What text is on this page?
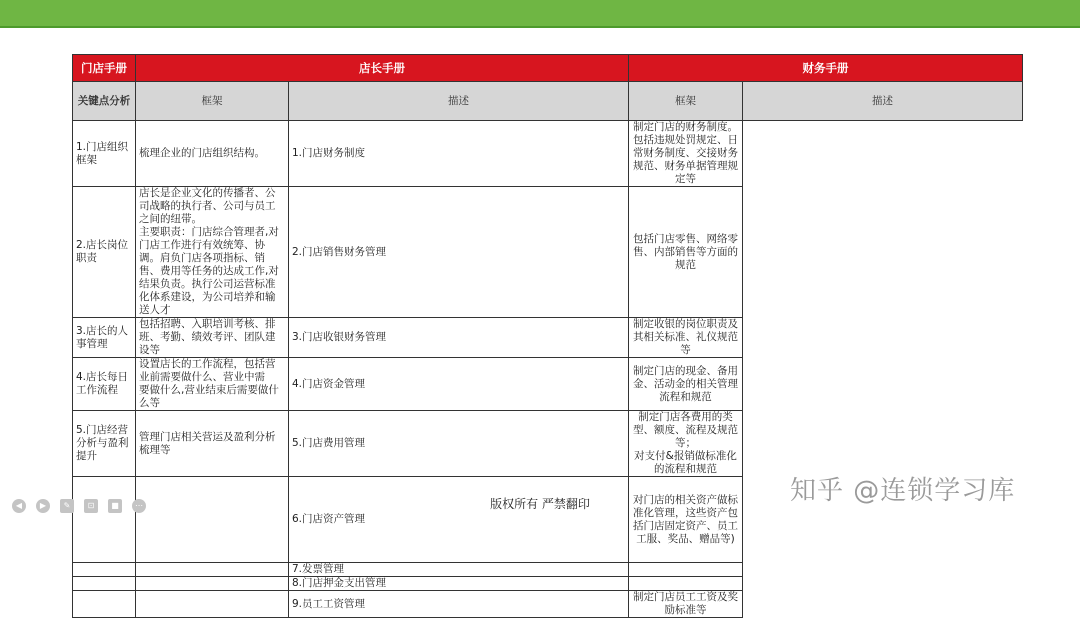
门店手册	店长手册		财务手册	
关键点分析	框架	描述	框架	描述
1.门店组织框架	梳理企业的门店组织结构。	1.门店财务制度	制定门店的财务制度。
包括违规处罚规定、日常财务制度、交接财务规范、财务单据管理规定等	
2.店长岗位职责	店长是企业文化的传播者、公司战略的执行者、公司与员工之间的纽带。
主要职责：门店综合管理者,对门店工作进行有效统筹、协调。肩负门店各项指标、销售、费用等任务的达成工作,对结果负责。执行公司运营标准化体系建设，为公司培养和输送人才	2.门店销售财务管理	包括门店零售、网络零售、内部销售等方面的规范	
3.店长的人事管理	包括招聘、入职培训考核、排班、考勤、绩效考评、团队建设等	3.门店收银财务管理	制定收银的岗位职责及其相关标准、礼仪规范等	
4.店长每日工作流程	设置店长的工作流程，包括营业前需要做什么、营业中需
要做什么,营业结束后需要做什么等	4.门店资金管理	制定门店的现金、备用金、活动金的相关管理流程和规范	
5.门店经营分析与盈利提升	管理门店相关营运及盈利分析梳理等	5.门店费用管理	制定门店各费用的类型、额度、流程及规范等；
对支付&报销做标准化的流程和规范	
		6.门店资产管理	对门店的相关资产做标准化管理，这些资产包括门店固定资产、员工工服、奖品、赠品等)	
		7.发票管理		
		8.门店押金支出管理		
		9.员工工资管理	制定门店员工工资及奖励标准等	
知乎 @连锁学习库
版权所有 严禁翻印
◀	▶	✎	⊡	■	⋯
